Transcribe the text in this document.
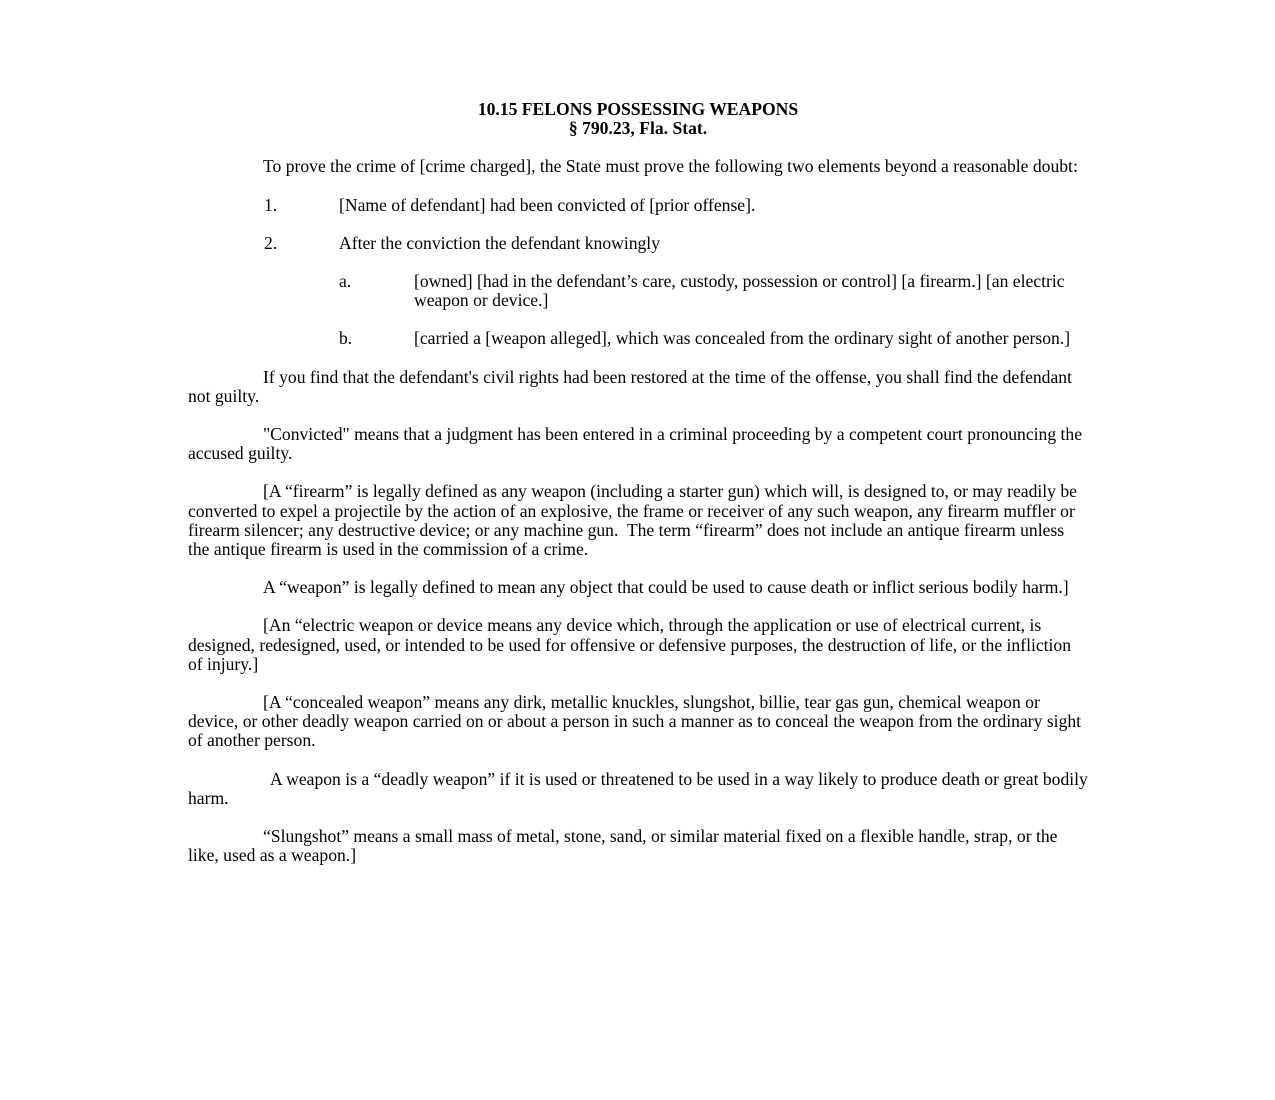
10.15 FELONS POSSESSING WEAPONS
§ 790.23, Fla. Stat.

To prove the crime of [crime charged], the State must prove the following two elements beyond a reasonable doubt:

1.	[Name of defendant] had been convicted of [prior offense].
2.	After the conviction the defendant knowingly
a.	[owned] [had in the defendant’s care, custody, possession or control] [a firearm.] [an electric weapon or device.]
b.	[carried a [weapon alleged], which was concealed from the ordinary sight of another person.]

If you find that the defendant's civil rights had been restored at the time of the offense, you shall find the defendant not guilty.

"Convicted" means that a judgment has been entered in a criminal proceeding by a competent court pronouncing the accused guilty.

[A “firearm” is legally defined as any weapon (including a starter gun) which will, is designed to, or may readily be converted to expel a projectile by the action of an explosive, the frame or receiver of any such weapon, any firearm muffler or firearm silencer; any destructive device; or any machine gun.  The term “firearm” does not include an antique firearm unless the antique firearm is used in the commission of a crime.

A “weapon” is legally defined to mean any object that could be used to cause death or inflict serious bodily harm.]

[An “electric weapon or device means any device which, through the application or use of electrical current, is designed, redesigned, used, or intended to be used for offensive or defensive purposes, the destruction of life, or the infliction of injury.]

[A “concealed weapon” means any dirk, metallic knuckles, slungshot, billie, tear gas gun, chemical weapon or device, or other deadly weapon carried on or about a person in such a manner as to conceal the weapon from the ordinary sight of another person.

A weapon is a “deadly weapon” if it is used or threatened to be used in a way likely to produce death or great bodily harm.

“Slungshot” means a small mass of metal, stone, sand, or similar material fixed on a flexible handle, strap, or the like, used as a weapon.]
